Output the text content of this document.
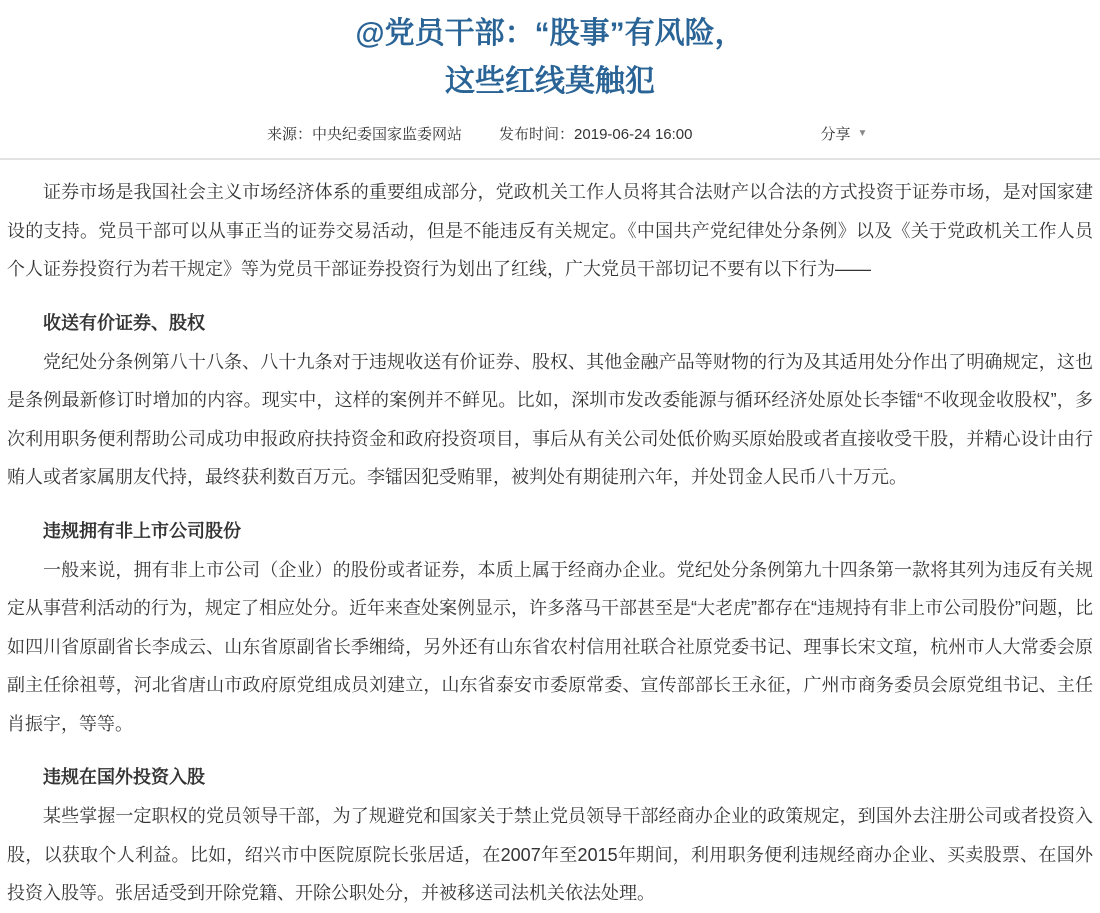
@党员干部：“股事”有风险，
这些红线莫触犯
来源：中央纪委国家监委网站 发布时间：2019-06-24 16:00	分享 ▼

证券市场是我国社会主义市场经济体系的重要组成部分，党政机关工作人员将其合法财产以合法的方式投资于证券市场，是对国家建设的支持。党员干部可以从事正当的证券交易活动，但是不能违反有关规定。《中国共产党纪律处分条例》以及《关于党政机关工作人员个人证券投资行为若干规定》等为党员干部证券投资行为划出了红线，广大党员干部切记不要有以下行为——

收送有价证券、股权

党纪处分条例第八十八条、八十九条对于违规收送有价证券、股权、其他金融产品等财物的行为及其适用处分作出了明确规定，这也是条例最新修订时增加的内容。现实中，这样的案例并不鲜见。比如，深圳市发改委能源与循环经济处原处长李镭“不收现金收股权”，多次利用职务便利帮助公司成功申报政府扶持资金和政府投资项目，事后从有关公司处低价购买原始股或者直接收受干股，并精心设计由行贿人或者家属朋友代持，最终获利数百万元。李镭因犯受贿罪，被判处有期徒刑六年，并处罚金人民币八十万元。

违规拥有非上市公司股份

一般来说，拥有非上市公司（企业）的股份或者证券，本质上属于经商办企业。党纪处分条例第九十四条第一款将其列为违反有关规定从事营利活动的行为，规定了相应处分。近年来查处案例显示，许多落马干部甚至是“大老虎”都存在“违规持有非上市公司股份”问题，比如四川省原副省长李成云、山东省原副省长季缃绮，另外还有山东省农村信用社联合社原党委书记、理事长宋文瑄，杭州市人大常委会原副主任徐祖萼，河北省唐山市政府原党组成员刘建立，山东省泰安市委原常委、宣传部部长王永征，广州市商务委员会原党组书记、主任肖振宇，等等。

违规在国外投资入股

某些掌握一定职权的党员领导干部，为了规避党和国家关于禁止党员领导干部经商办企业的政策规定，到国外去注册公司或者投资入股，以获取个人利益。比如，绍兴市中医院原院长张居适，在2007年至2015年期间，利用职务便利违规经商办企业、买卖股票、在国外投资入股等。张居适受到开除党籍、开除公职处分，并被移送司法机关依法处理。
